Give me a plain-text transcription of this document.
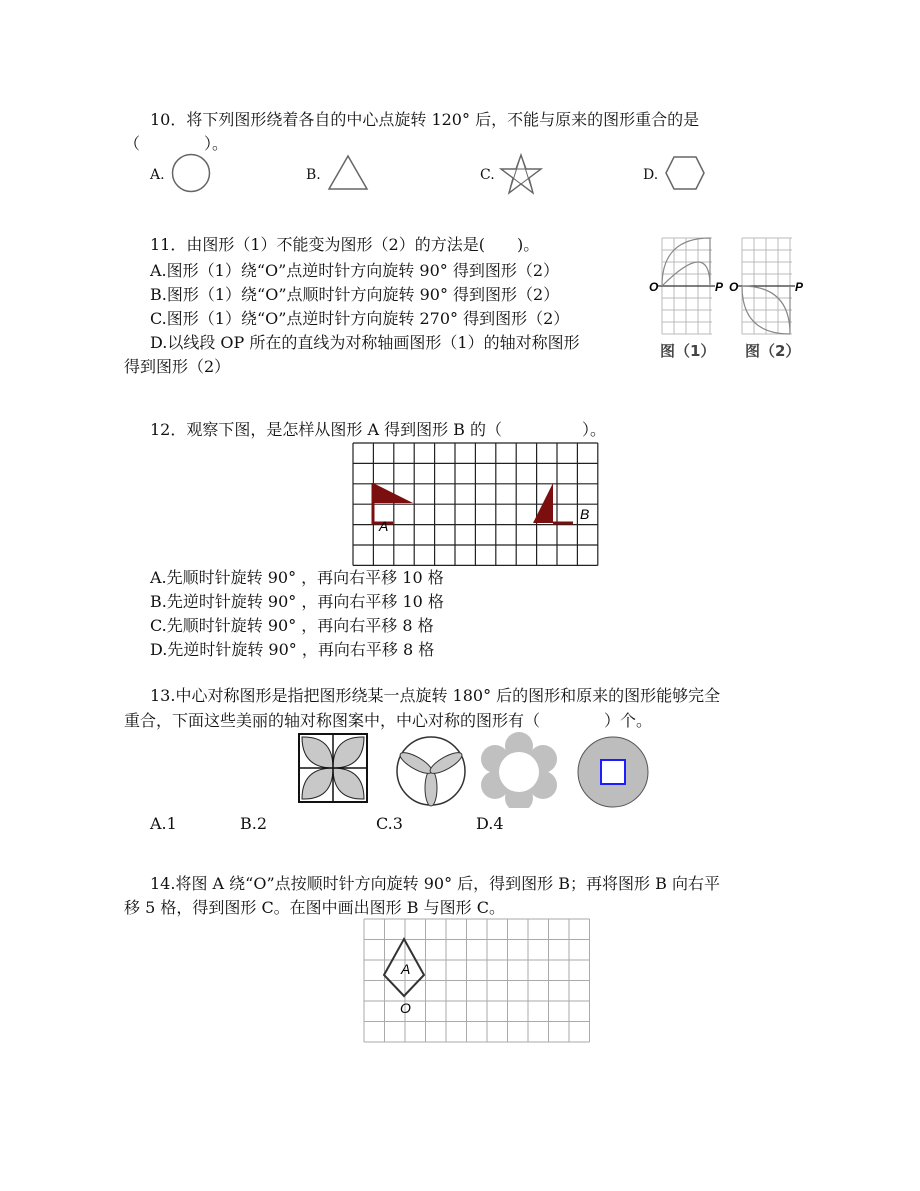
10．将下列图形绕着各自的中心点旋转 120° 后，不能与原来的图形重合的是
（　　　　）。
A.	B.	C.	D.
11．由图形（1）不能变为图形（2）的方法是(　　)。
A.图形（1）绕“O”点逆时针方向旋转 90° 得到图形（2）
B.图形（1）绕“O”点顺时针方向旋转 90° 得到图形（2）
C.图形（1）绕“O”点逆时针方向旋转 270° 得到图形（2）
D.以线段 OP 所在的直线为对称轴画图形（1）的轴对称图形
得到图形（2）
O	P O	P
图（1） 图（2）
12．观察下图，是怎样从图形 A 得到图形 B 的（　　　　　）。
A
B
A.先顺时针旋转 90° ，再向右平移 10 格
B.先逆时针旋转 90° ，再向右平移 10 格
C.先顺时针旋转 90° ，再向右平移 8 格
D.先逆时针旋转 90° ，再向右平移 8 格
13.中心对称图形是指把图形绕某一点旋转 180° 后的图形和原来的图形能够完全
重合，下面这些美丽的轴对称图案中，中心对称的图形有（　　　　）个。
A.1	B.2	C.3	D.4
14.将图 A 绕“O”点按顺时针方向旋转 90° 后，得到图形 B；再将图形 B 向右平
移 5 格，得到图形 C。在图中画出图形 B 与图形 C。
A
O
